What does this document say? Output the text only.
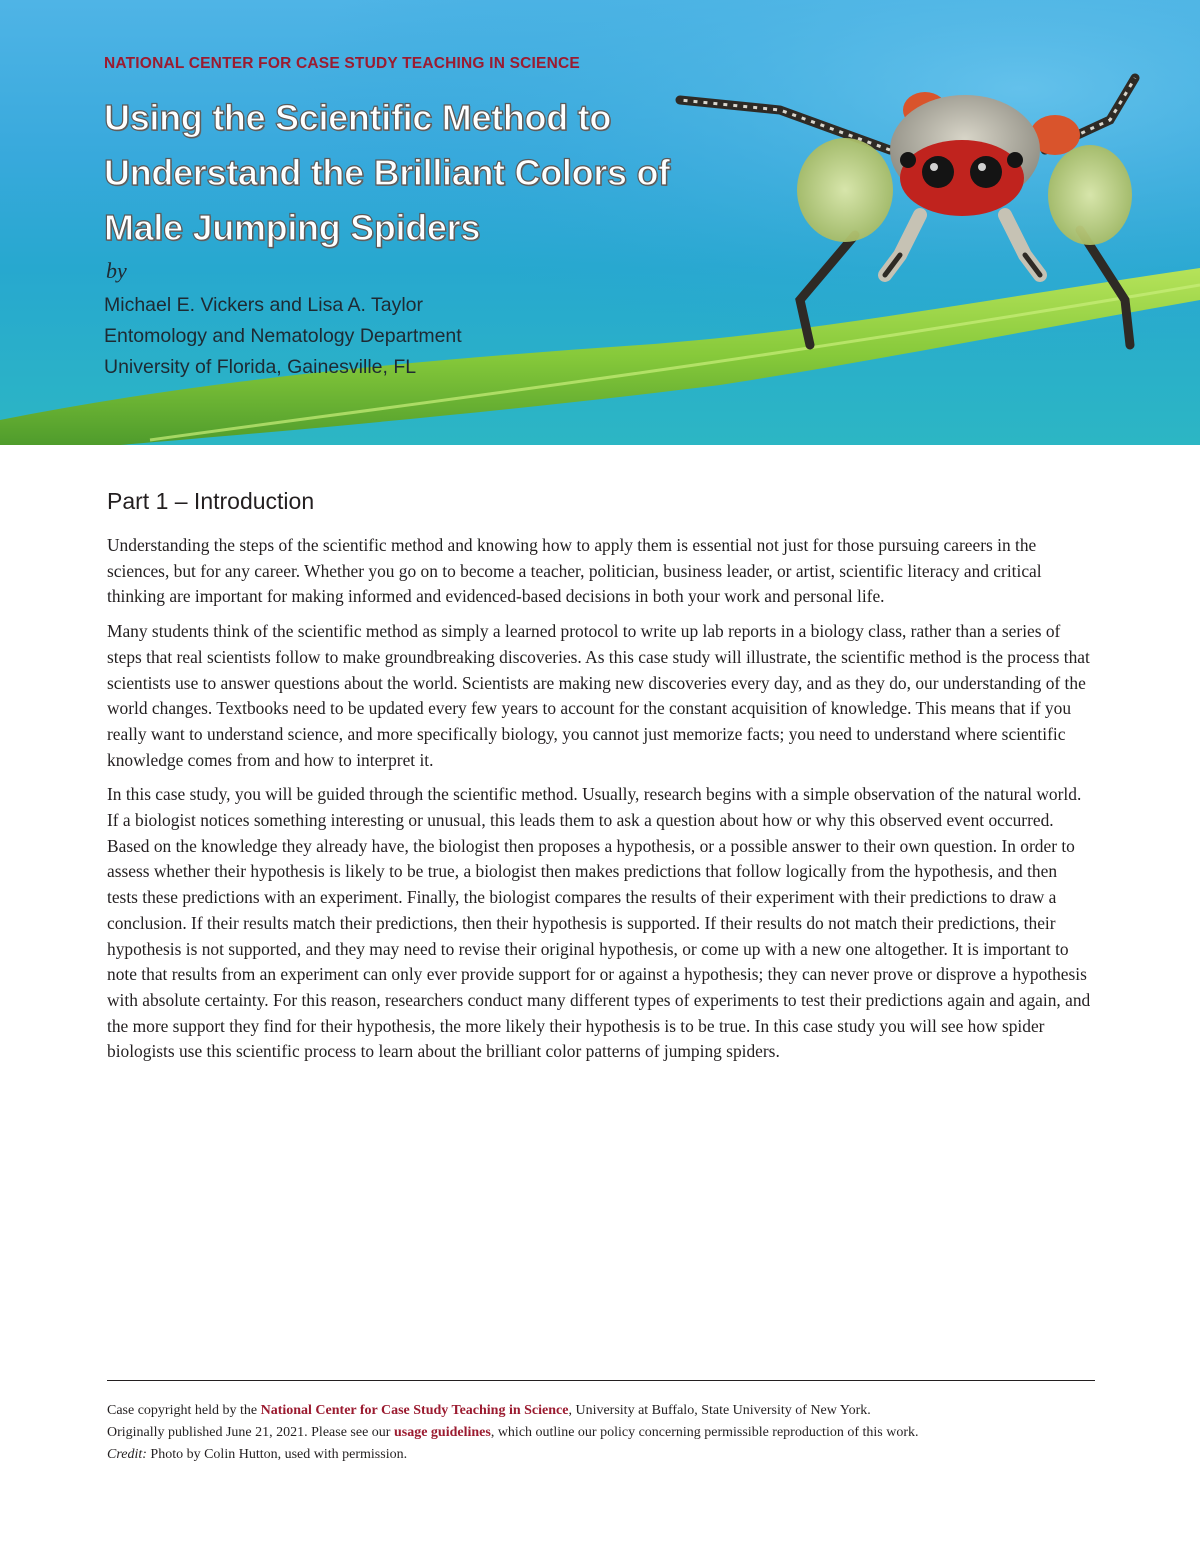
NATIONAL CENTER FOR CASE STUDY TEACHING IN SCIENCE
Using the Scientific Method to
Understand the Brilliant Colors of
Male Jumping Spiders
by
Michael E. Vickers and Lisa A. Taylor
Entomology and Nematology Department
University of Florida, Gainesville, FL
Part 1 – Introduction

Understanding the steps of the scientific method and knowing how to apply them is essential not just for those pursuing careers in the sciences, but for any career. Whether you go on to become a teacher, politician, business leader, or artist, scientific literacy and critical thinking are important for making informed and evidenced-based decisions in both your work and personal life.

Many students think of the scientific method as simply a learned protocol to write up lab reports in a biology class, rather than a series of steps that real scientists follow to make groundbreaking discoveries. As this case study will illustrate, the scientific method is the process that scientists use to answer questions about the world. Scientists are making new discoveries every day, and as they do, our understanding of the world changes. Textbooks need to be updated every few years to account for the constant acquisition of knowledge. This means that if you really want to understand science, and more specifically biology, you cannot just memorize facts; you need to understand where scientific knowledge comes from and how to interpret it.

In this case study, you will be guided through the scientific method. Usually, research begins with a simple observation of the natural world. If a biologist notices something interesting or unusual, this leads them to ask a question about how or why this observed event occurred. Based on the knowledge they already have, the biologist then proposes a hypothesis, or a possible answer to their own question. In order to assess whether their hypothesis is likely to be true, a biologist then makes predictions that follow logically from the hypothesis, and then tests these predictions with an experiment. Finally, the biologist compares the results of their experiment with their predictions to draw a conclusion. If their results match their predictions, then their hypothesis is supported. If their results do not match their predictions, their hypothesis is not supported, and they may need to revise their original hypothesis, or come up with a new one altogether. It is important to note that results from an experiment can only ever provide support for or against a hypothesis; they can never prove or disprove a hypothesis with absolute certainty. For this reason, researchers conduct many different types of experiments to test their predictions again and again, and the more support they find for their hypothesis, the more likely their hypothesis is to be true. In this case study you will see how spider biologists use this scientific process to learn about the brilliant color patterns of jumping spiders.

Case copyright held by the National Center for Case Study Teaching in Science, University at Buffalo, State University of New York.
Originally published June 21, 2021. Please see our usage guidelines, which outline our policy concerning permissible reproduction of this work.
Credit: Photo by Colin Hutton, used with permission.
